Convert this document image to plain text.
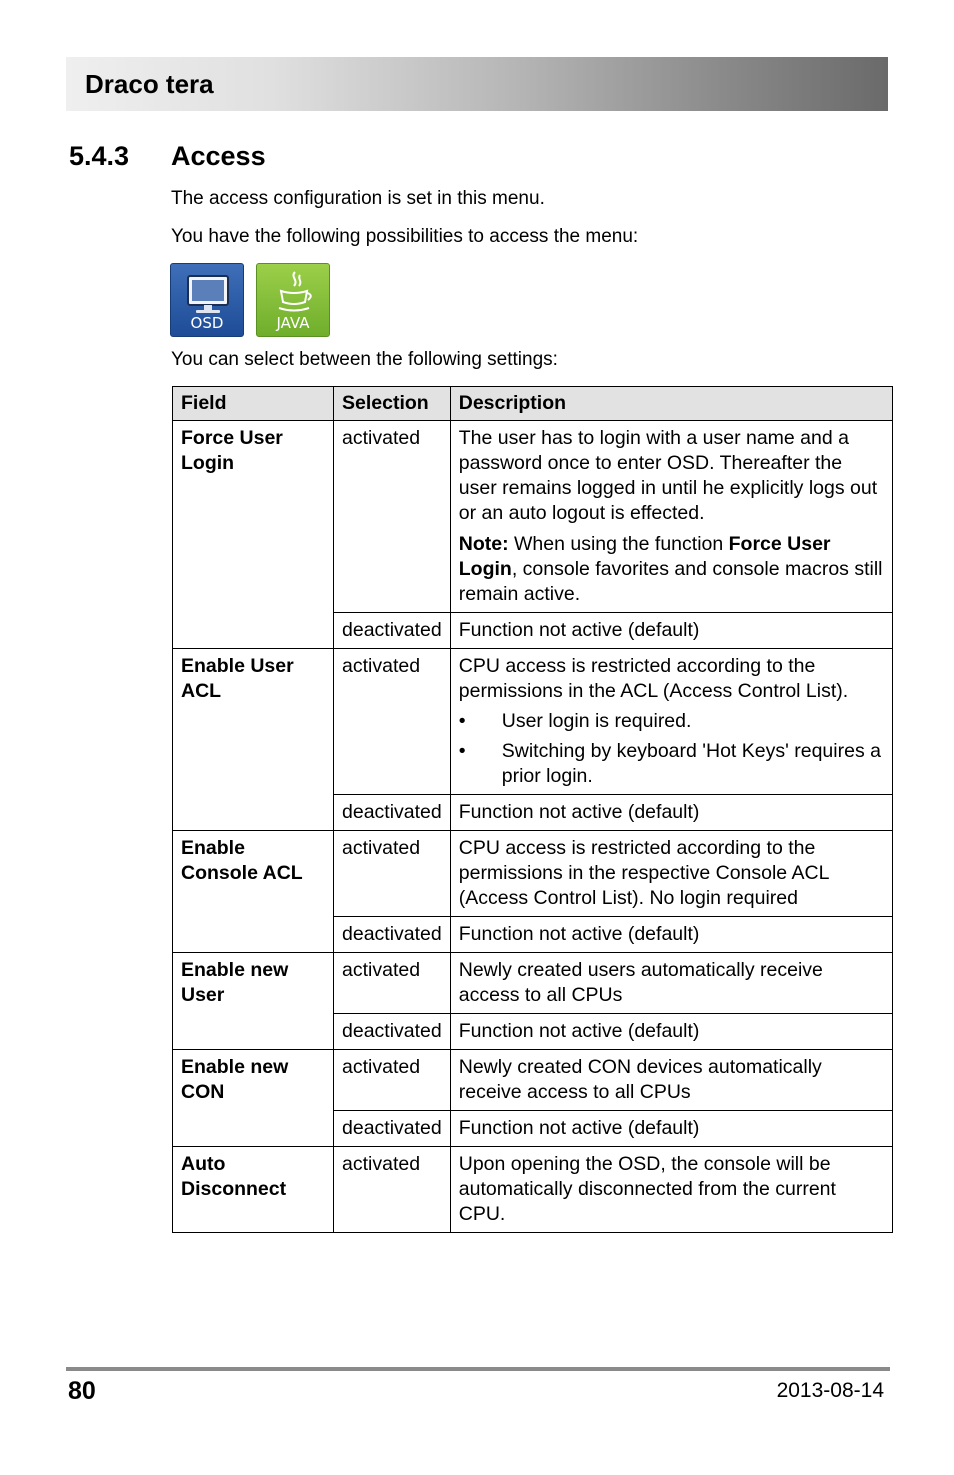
Draco tera
5.4.3 Access
The access configuration is set in this menu.
You have the following possibilities to access the menu:
OSD	JAVA
You can select between the following settings:
Field	Selection	Description
Force User Login	activated	The user has to login with a user name and a password once to enter OSD. Thereafter the user remains logged in until he explicitly logs out or an auto logout is effected.
Note: When using the function Force User Login, console favorites and console macros still remain active.

	deactivated	Function not active (default)
Enable User ACL	activated	CPU access is restricted according to the permissions in the ACL (Access Control List).
• User login is required.
• Switching by keyboard 'Hot Keys' requires a prior login.

	deactivated	Function not active (default)
Enable Console ACL	activated	CPU access is restricted according to the permissions in the respective Console ACL (Access Control List). No login required
	deactivated	Function not active (default)
Enable new User	activated	Newly created users automatically receive access to all CPUs
	deactivated	Function not active (default)
Enable new CON	activated	Newly created CON devices automatically receive access to all CPUs
	deactivated	Function not active (default)
Auto Disconnect	activated	Upon opening the OSD, the console will be automatically disconnected from the current CPU.
80	2013-08-14
